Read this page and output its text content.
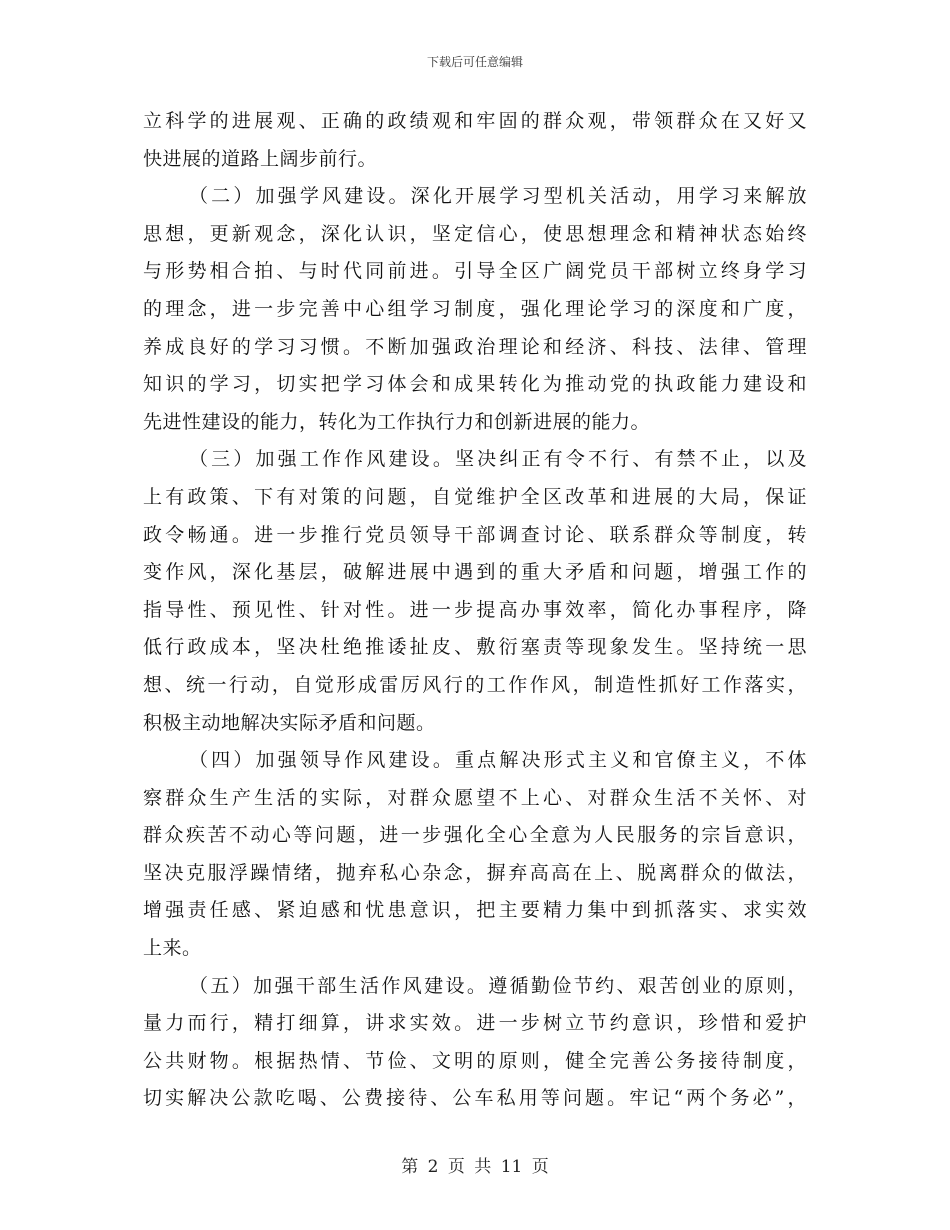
下载后可任意编辑
立科学的进展观、正确的政绩观和牢固的群众观，带领群众在又好又
快进展的道路上阔步前行。
（二）加强学风建设。深化开展学习型机关活动，用学习来解放
思想，更新观念，深化认识，坚定信心，使思想理念和精神状态始终
与形势相合拍、与时代同前进。引导全区广阔党员干部树立终身学习
的理念，进一步完善中心组学习制度，强化理论学习的深度和广度，
养成良好的学习习惯。不断加强政治理论和经济、科技、法律、管理
知识的学习，切实把学习体会和成果转化为推动党的执政能力建设和
先进性建设的能力，转化为工作执行力和创新进展的能力。
（三）加强工作作风建设。坚决纠正有令不行、有禁不止，以及
上有政策、下有对策的问题，自觉维护全区改革和进展的大局，保证
政令畅通。进一步推行党员领导干部调查讨论、联系群众等制度，转
变作风，深化基层，破解进展中遇到的重大矛盾和问题，增强工作的
指导性、预见性、针对性。进一步提高办事效率，简化办事程序，降
低行政成本，坚决杜绝推诿扯皮、敷衍塞责等现象发生。坚持统一思
想、统一行动，自觉形成雷厉风行的工作作风，制造性抓好工作落实，
积极主动地解决实际矛盾和问题。
（四）加强领导作风建设。重点解决形式主义和官僚主义，不体
察群众生产生活的实际，对群众愿望不上心、对群众生活不关怀、对
群众疾苦不动心等问题，进一步强化全心全意为人民服务的宗旨意识，
坚决克服浮躁情绪，抛弃私心杂念，摒弃高高在上、脱离群众的做法，
增强责任感、紧迫感和忧患意识，把主要精力集中到抓落实、求实效
上来。
（五）加强干部生活作风建设。遵循勤俭节约、艰苦创业的原则，
量力而行，精打细算，讲求实效。进一步树立节约意识，珍惜和爱护
公共财物。根据热情、节俭、文明的原则，健全完善公务接待制度，
切实解决公款吃喝、公费接待、公车私用等问题。牢记“两个务必”，
第 2 页 共 11 页
